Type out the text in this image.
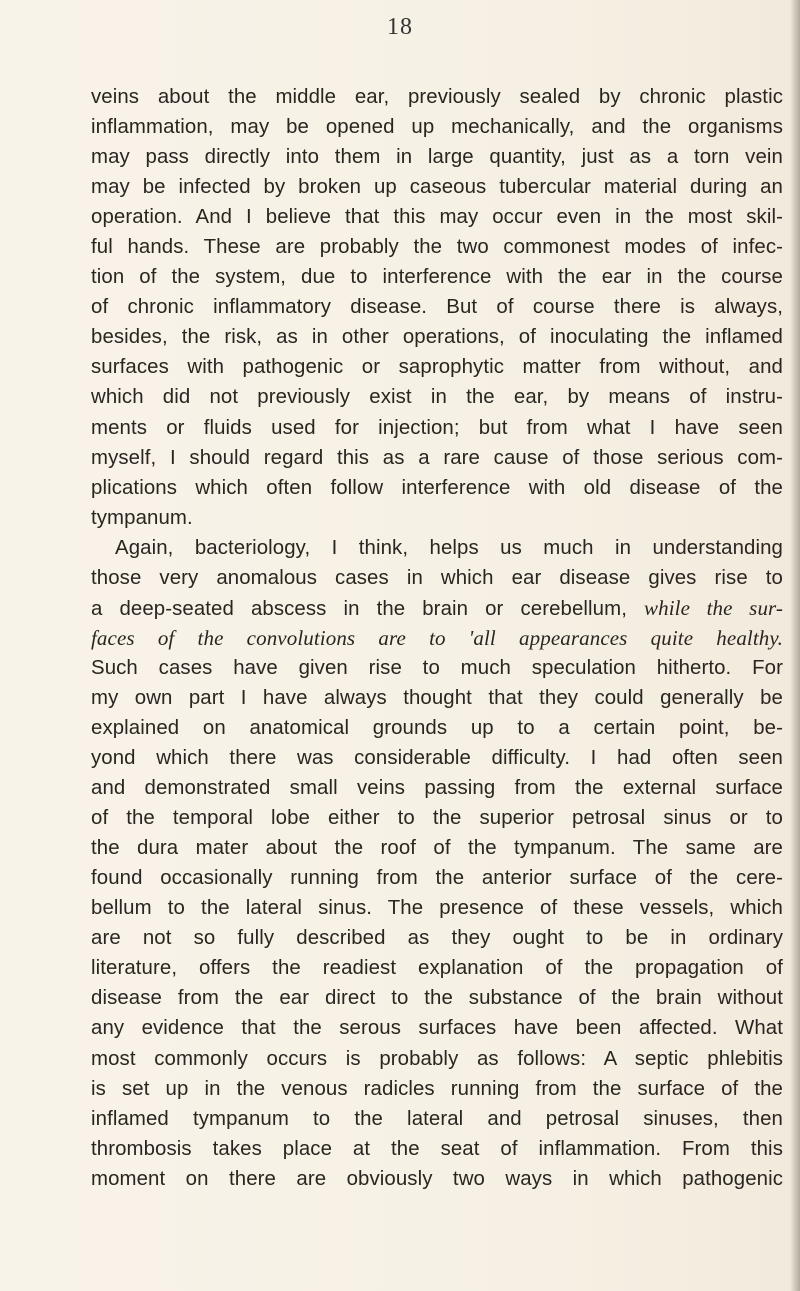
18
veins about the middle ear, previously sealed by chronic plastic
inflammation, may be opened up mechanically, and the organisms
may pass directly into them in large quantity, just as a torn vein
may be infected by broken up caseous tubercular material during an
operation. And I believe that this may occur even in the most skil-
ful hands. These are probably the two commonest modes of infec-
tion of the system, due to interference with the ear in the course
of chronic inflammatory disease. But of course there is always,
besides, the risk, as in other operations, of inoculating the inflamed
surfaces with pathogenic or saprophytic matter from without, and
which did not previously exist in the ear, by means of instru-
ments or fluids used for injection; but from what I have seen
myself, I should regard this as a rare cause of those serious com-
plications which often follow interference with old disease of the
tympanum.
Again, bacteriology, I think, helps us much in understanding
those very anomalous cases in which ear disease gives rise to
a deep-seated abscess in the brain or cerebellum, while the sur-
faces of the convolutions are to 'all appearances quite healthy.
Such cases have given rise to much speculation hitherto. For
my own part I have always thought that they could generally be
explained on anatomical grounds up to a certain point, be-
yond which there was considerable difficulty. I had often seen
and demonstrated small veins passing from the external surface
of the temporal lobe either to the superior petrosal sinus or to
the dura mater about the roof of the tympanum. The same are
found occasionally running from the anterior surface of the cere-
bellum to the lateral sinus. The presence of these vessels, which
are not so fully described as they ought to be in ordinary
literature, offers the readiest explanation of the propagation of
disease from the ear direct to the substance of the brain without
any evidence that the serous surfaces have been affected. What
most commonly occurs is probably as follows: A septic phlebitis
is set up in the venous radicles running from the surface of the
inflamed tympanum to the lateral and petrosal sinuses, then
thrombosis takes place at the seat of inflammation. From this
moment on there are obviously two ways in which pathogenic
